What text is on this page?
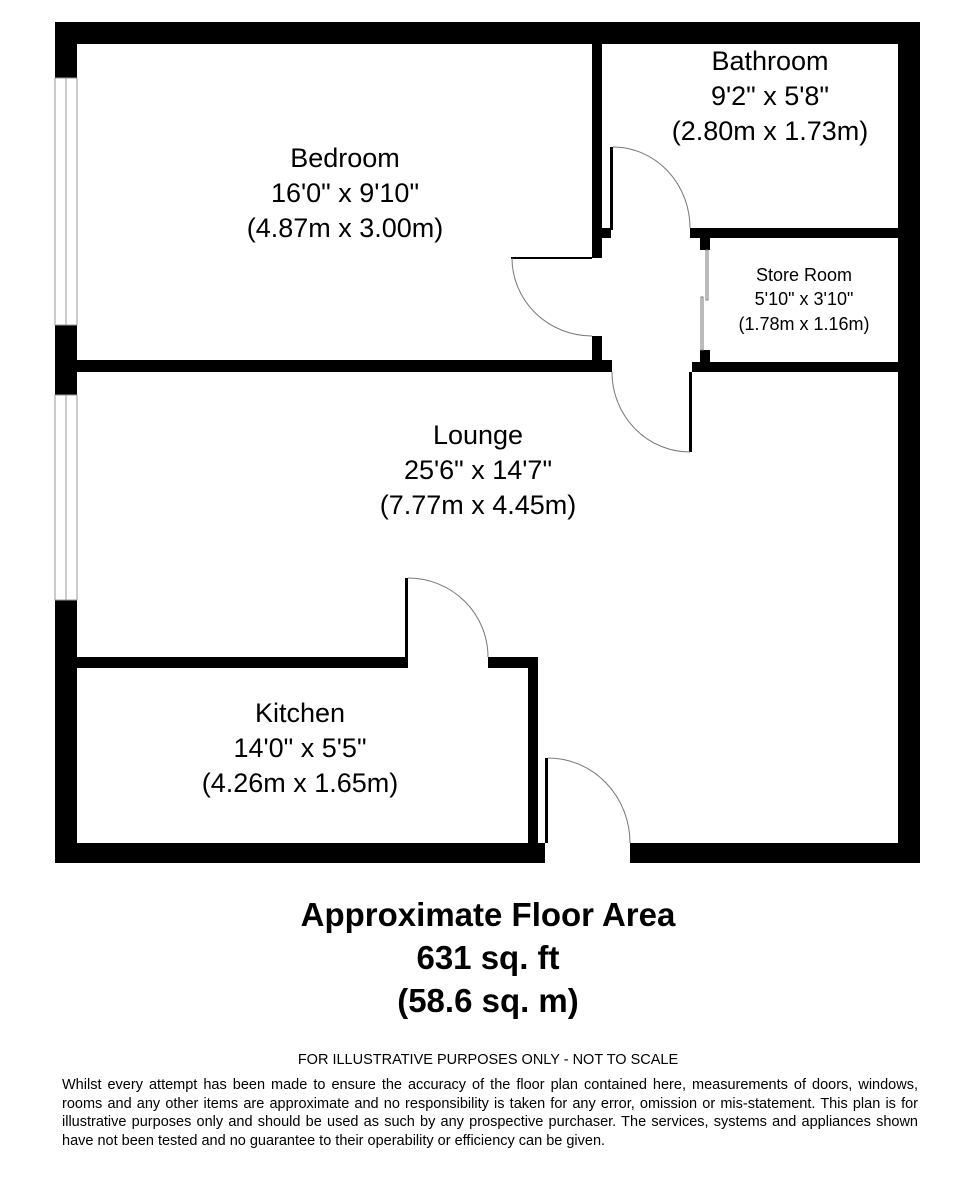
Bedroom
16'0" x 9'10"
(4.87m x 3.00m)
Bathroom
9'2" x 5'8"
(2.80m x 1.73m)
Store Room
5'10" x 3'10"
(1.78m x 1.16m)
Lounge
25'6" x 14'7"
(7.77m x 4.45m)
Kitchen
14'0" x 5'5"
(4.26m x 1.65m)
Approximate Floor Area
631 sq. ft
(58.6 sq. m)
FOR ILLUSTRATIVE PURPOSES ONLY - NOT TO SCALE
Whilst every attempt has been made to ensure the accuracy of the floor plan contained here, measurements of doors, windows, rooms and any other items are approximate and no responsibility is taken for any error, omission or mis-statement. This plan is for illustrative purposes only and should be used as such by any prospective purchaser. The services, systems and appliances shown have not been tested and no guarantee to their operability or efficiency can be given.
